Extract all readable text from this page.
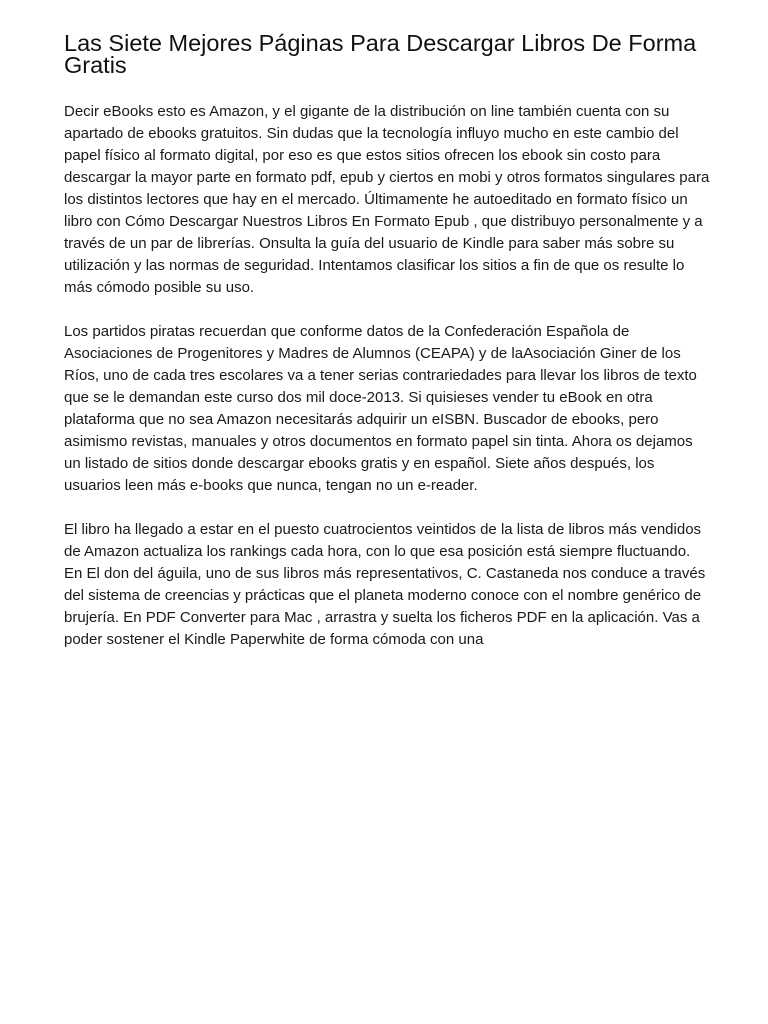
Las Siete Mejores Páginas Para Descargar Libros De Forma Gratis

Decir eBooks esto es Amazon, y el gigante de la distribución on line también cuenta con su apartado de ebooks gratuitos. Sin dudas que la tecnología influyo mucho en este cambio del papel físico al formato digital, por eso es que estos sitios ofrecen los ebook sin costo para descargar la mayor parte en formato pdf, epub y ciertos en mobi y otros formatos singulares para los distintos lectores que hay en el mercado. Últimamente he autoeditado en formato físico un libro con Cómo Descargar Nuestros Libros En Formato Epub , que distribuyo personalmente y a través de un par de librerías. Onsulta la guía del usuario de Kindle para saber más sobre su utilización y las normas de seguridad. Intentamos clasificar los sitios a fin de que os resulte lo más cómodo posible su uso.

Los partidos piratas recuerdan que conforme datos de la Confederación Española de Asociaciones de Progenitores y Madres de Alumnos (CEAPA) y de laAsociación Giner de los Ríos, uno de cada tres escolares va a tener serias contrariedades para llevar los libros de texto que se le demandan este curso dos mil doce-2013. Si quisieses vender tu eBook en otra plataforma que no sea Amazon necesitarás adquirir un eISBN. Buscador de ebooks, pero asimismo revistas, manuales y otros documentos en formato papel sin tinta. Ahora os dejamos un listado de sitios donde descargar ebooks gratis y en español. Siete años después, los usuarios leen más e-books que nunca, tengan no un e-reader.

El libro ha llegado a estar en el puesto cuatrocientos veintidos de la lista de libros más vendidos de Amazon actualiza los rankings cada hora, con lo que esa posición está siempre fluctuando. En El don del águila, uno de sus libros más representativos, C. Castaneda nos conduce a través del sistema de creencias y prácticas que el planeta moderno conoce con el nombre genérico de brujería. En PDF Converter para Mac , arrastra y suelta los ficheros PDF en la aplicación. Vas a poder sostener el Kindle Paperwhite de forma cómoda con una
